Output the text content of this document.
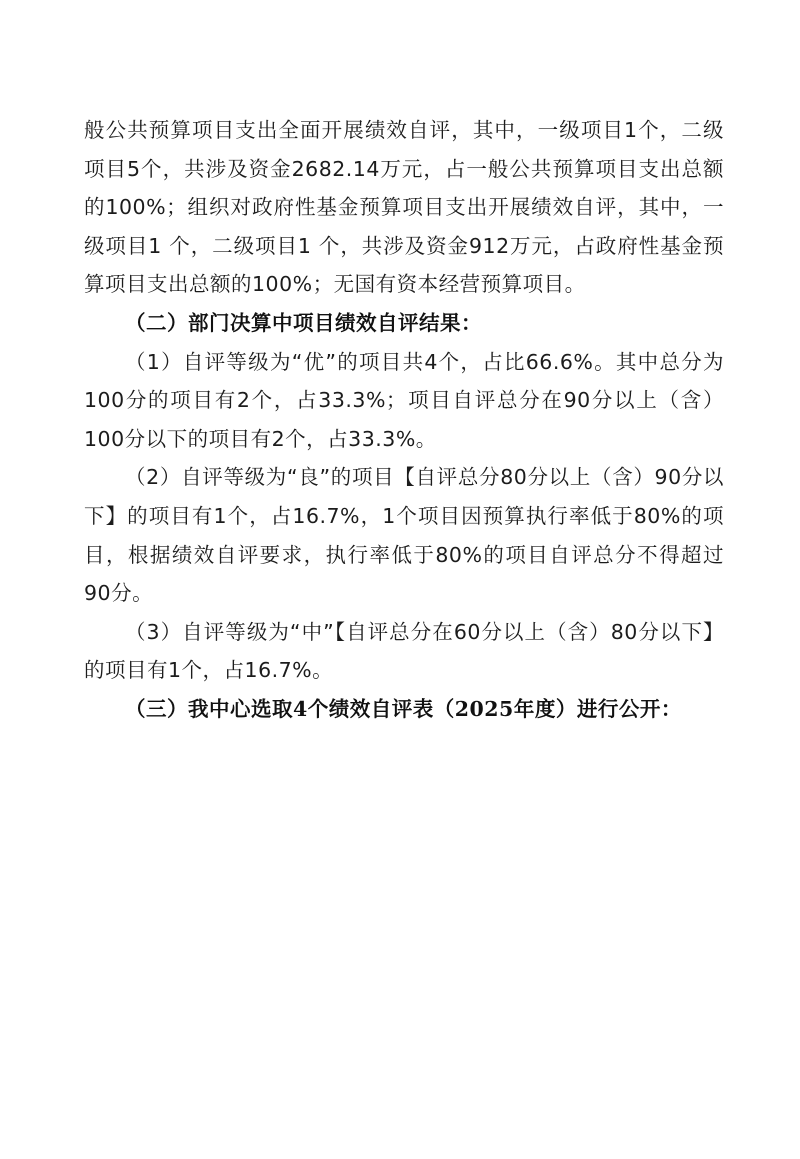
般公共预算项目支出全面开展绩效自评，其中，一级项目1个，二级项目5个，共涉及资金2682.14万元，占一般公共预算项目支出总额的100%；组织对政府性基金预算项目支出开展绩效自评，其中，一级项目1 个，二级项目1 个，共涉及资金912万元，占政府性基金预算项目支出总额的100%；无国有资本经营预算项目。

（二）部门决算中项目绩效自评结果：

（1）自评等级为“优”的项目共4个，占比66.6%。其中总分为100分的项目有2个，占33.3%；项目自评总分在90分以上（含）100分以下的项目有2个，占33.3%。

（2）自评等级为“良”的项目【自评总分80分以上（含）90分以下】的项目有1个，占16.7%，1个项目因预算执行率低于80%的项目，根据绩效自评要求，执行率低于80%的项目自评总分不得超过90分。

（3）自评等级为“中”【自评总分在60分以上（含）80分以下】的项目有1个，占16.7%。

（三）我中心选取4个绩效自评表（2025年度）进行公开：
